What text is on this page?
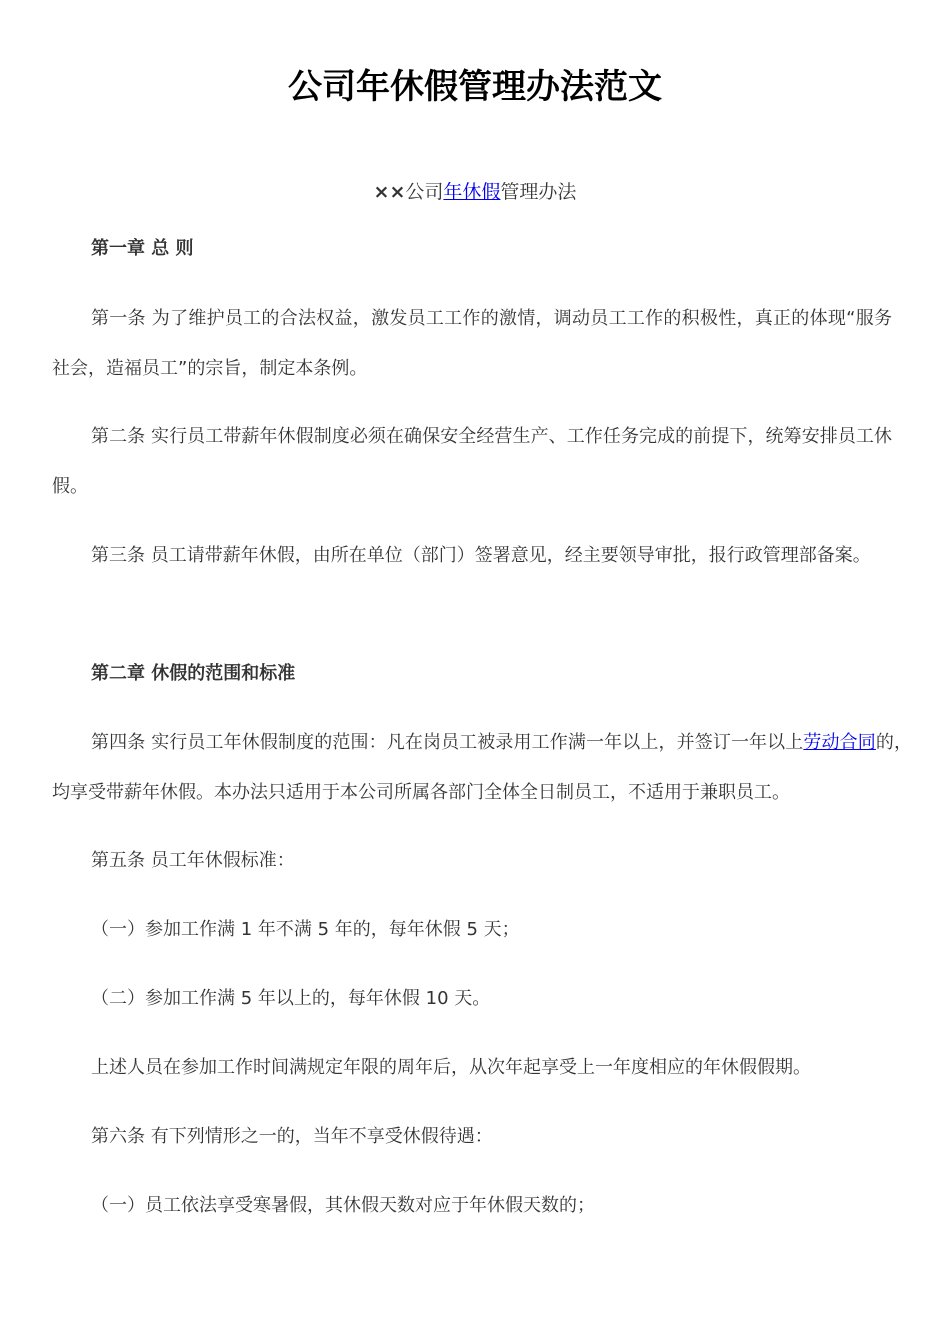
公司年休假管理办法范文
××公司年休假管理办法
第一章 总 则

第一条 为了维护员工的合法权益，激发员工工作的激情，调动员工工作的积极性，真正的体现“服务社会，造福员工”的宗旨，制定本条例。

第二条 实行员工带薪年休假制度必须在确保安全经营生产、工作任务完成的前提下，统筹安排员工休假。

第三条 员工请带薪年休假，由所在单位（部门）签署意见，经主要领导审批，报行政管理部备案。

第二章 休假的范围和标准

第四条 实行员工年休假制度的范围：凡在岗员工被录用工作满一年以上，并签订一年以上劳动合同的，均享受带薪年休假。本办法只适用于本公司所属各部门全体全日制员工，不适用于兼职员工。

第五条 员工年休假标准：
（一）参加工作满 1 年不满 5 年的，每年休假 5 天；
（二）参加工作满 5 年以上的，每年休假 10 天。
上述人员在参加工作时间满规定年限的周年后，从次年起享受上一年度相应的年休假假期。
第六条 有下列情形之一的，当年不享受休假待遇：
（一）员工依法享受寒暑假，其休假天数对应于年休假天数的；
